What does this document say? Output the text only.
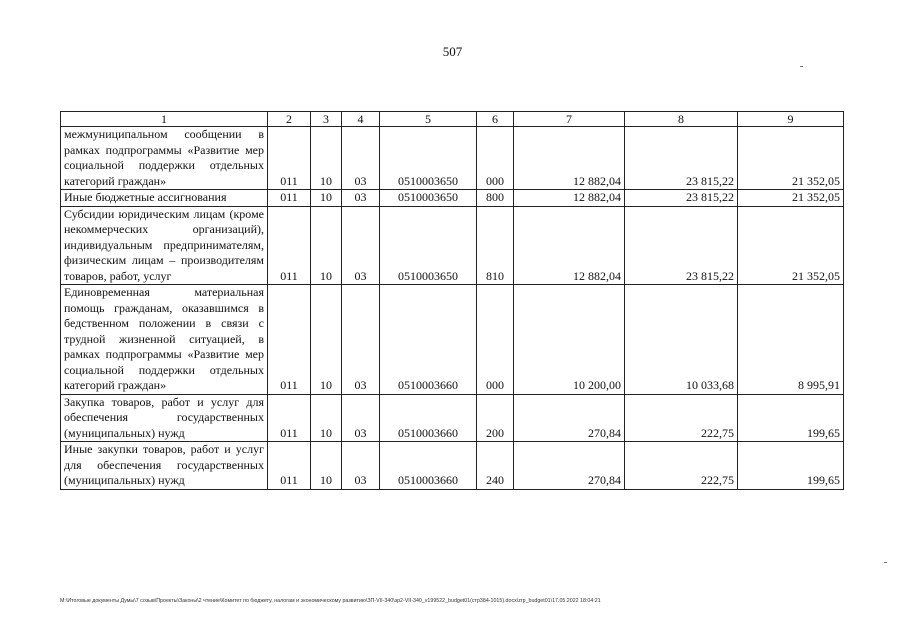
507
1	2	3	4	5	6	7	8	9
межмуниципальном сообщении в рамках подпрограммы «Развитие мер социальной поддержки отдельных категорий граждан»	011	10	03	0510003650	000	12 882,04	23 815,22	21 352,05
Иные бюджетные ассигнования	011	10	03	0510003650	800	12 882,04	23 815,22	21 352,05
Субсидии юридическим лицам (кроме некоммерческих организаций), индивидуальным предпринимателям, физическим лицам – производителям товаров, работ, услуг	011	10	03	0510003650	810	12 882,04	23 815,22	21 352,05
Единовременная материальная помощь гражданам, оказавшимся в бедственном положении в связи с трудной жизненной ситуацией, в рамках подпрограммы «Развитие мер социальной поддержки отдельных категорий граждан»	011	10	03	0510003660	000	10 200,00	10 033,68	8 995,91
Закупка товаров, работ и услуг для обеспечения государственных (муниципальных) нужд	011	10	03	0510003660	200	270,84	222,75	199,65
Иные закупки товаров, работ и услуг для обеспечения государственных (муниципальных) нужд	011	10	03	0510003660	240	270,84	222,75	199,65
М:\Итоговые документы Думы\7 созыв\Проекты\Законы\2 чтение\Комитет по бюджету, налогам и экономическому развитию\ЗП-VII-340\зр2-VII-340_v199522_budget01(стр384-1015).docx\zrp_budget01\17.05.2022 18:04:21
